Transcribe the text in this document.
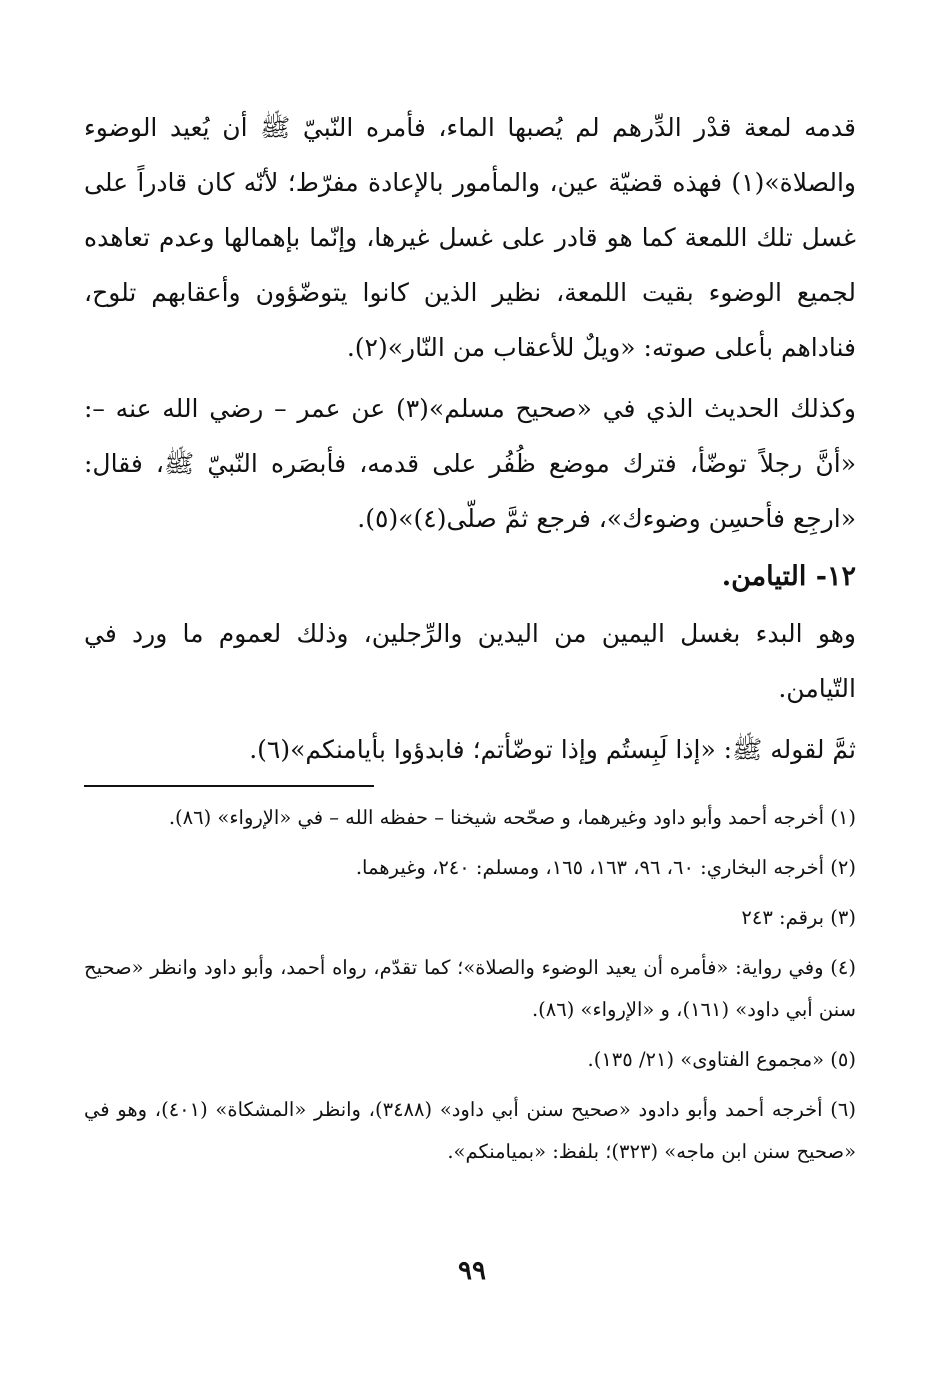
قدمه لمعة قدْر الدِّرهم لم يُصبها الماء، فأمره النّبيّ ﷺ أن يُعيد الوضوء والصلاة»(١) فهذه قضيّة عين، والمأمور بالإعادة مفرّط؛ لأنّه كان قادراً على غسل تلك اللمعة كما هو قادر على غسل غيرها، وإنّما بإهمالها وعدم تعاهده لجميع الوضوء بقيت اللمعة، نظير الذين كانوا يتوضّؤون وأعقابهم تلوح، فناداهم بأعلى صوته: «ويلٌ للأعقاب من النّار»(٢).

وكذلك الحديث الذي في «صحيح مسلم»(٣) عن عمر – رضي الله عنه –: «أنَّ رجلاً توضّأ، فترك موضع ظُفُر على قدمه، فأبصَره النّبيّ ﷺ، فقال: «ارجِع فأحسِن وضوءك»، فرجع ثمَّ صلّى(٤)»(٥).

١٢- التيامن.

وهو البدء بغسل اليمين من اليدين والرِّجلين، وذلك لعموم ما ورد في التّيامن.

ثمَّ لقوله ﷺ: «إذا لَبِستُم وإذا توضّأتم؛ فابدؤوا بأيامنكم»(٦).

(١) أخرجه أحمد وأبو داود وغيرهما، و صحّحه شيخنا – حفظه الله – في «الإرواء» (٨٦).

(٢) أخرجه البخاري: ٦٠، ٩٦، ١٦٣، ١٦٥، ومسلم: ٢٤٠، وغيرهما.

(٣) برقم: ٢٤٣

(٤) وفي رواية: «فأمره أن يعيد الوضوء والصلاة»؛ كما تقدّم، رواه أحمد، وأبو داود وانظر «صحيح سنن أبي داود» (١٦١)، و «الإرواء» (٨٦).

(٥) «مجموع الفتاوى» (٢١/ ١٣٥).

(٦) أخرجه أحمد وأبو دادود «صحيح سنن أبي داود» (٣٤٨٨)، وانظر «المشكاة» (٤٠١)، وهو في «صحيح سنن ابن ماجه» (٣٢٣)؛ بلفظ: «بميامنكم».

٩٩
